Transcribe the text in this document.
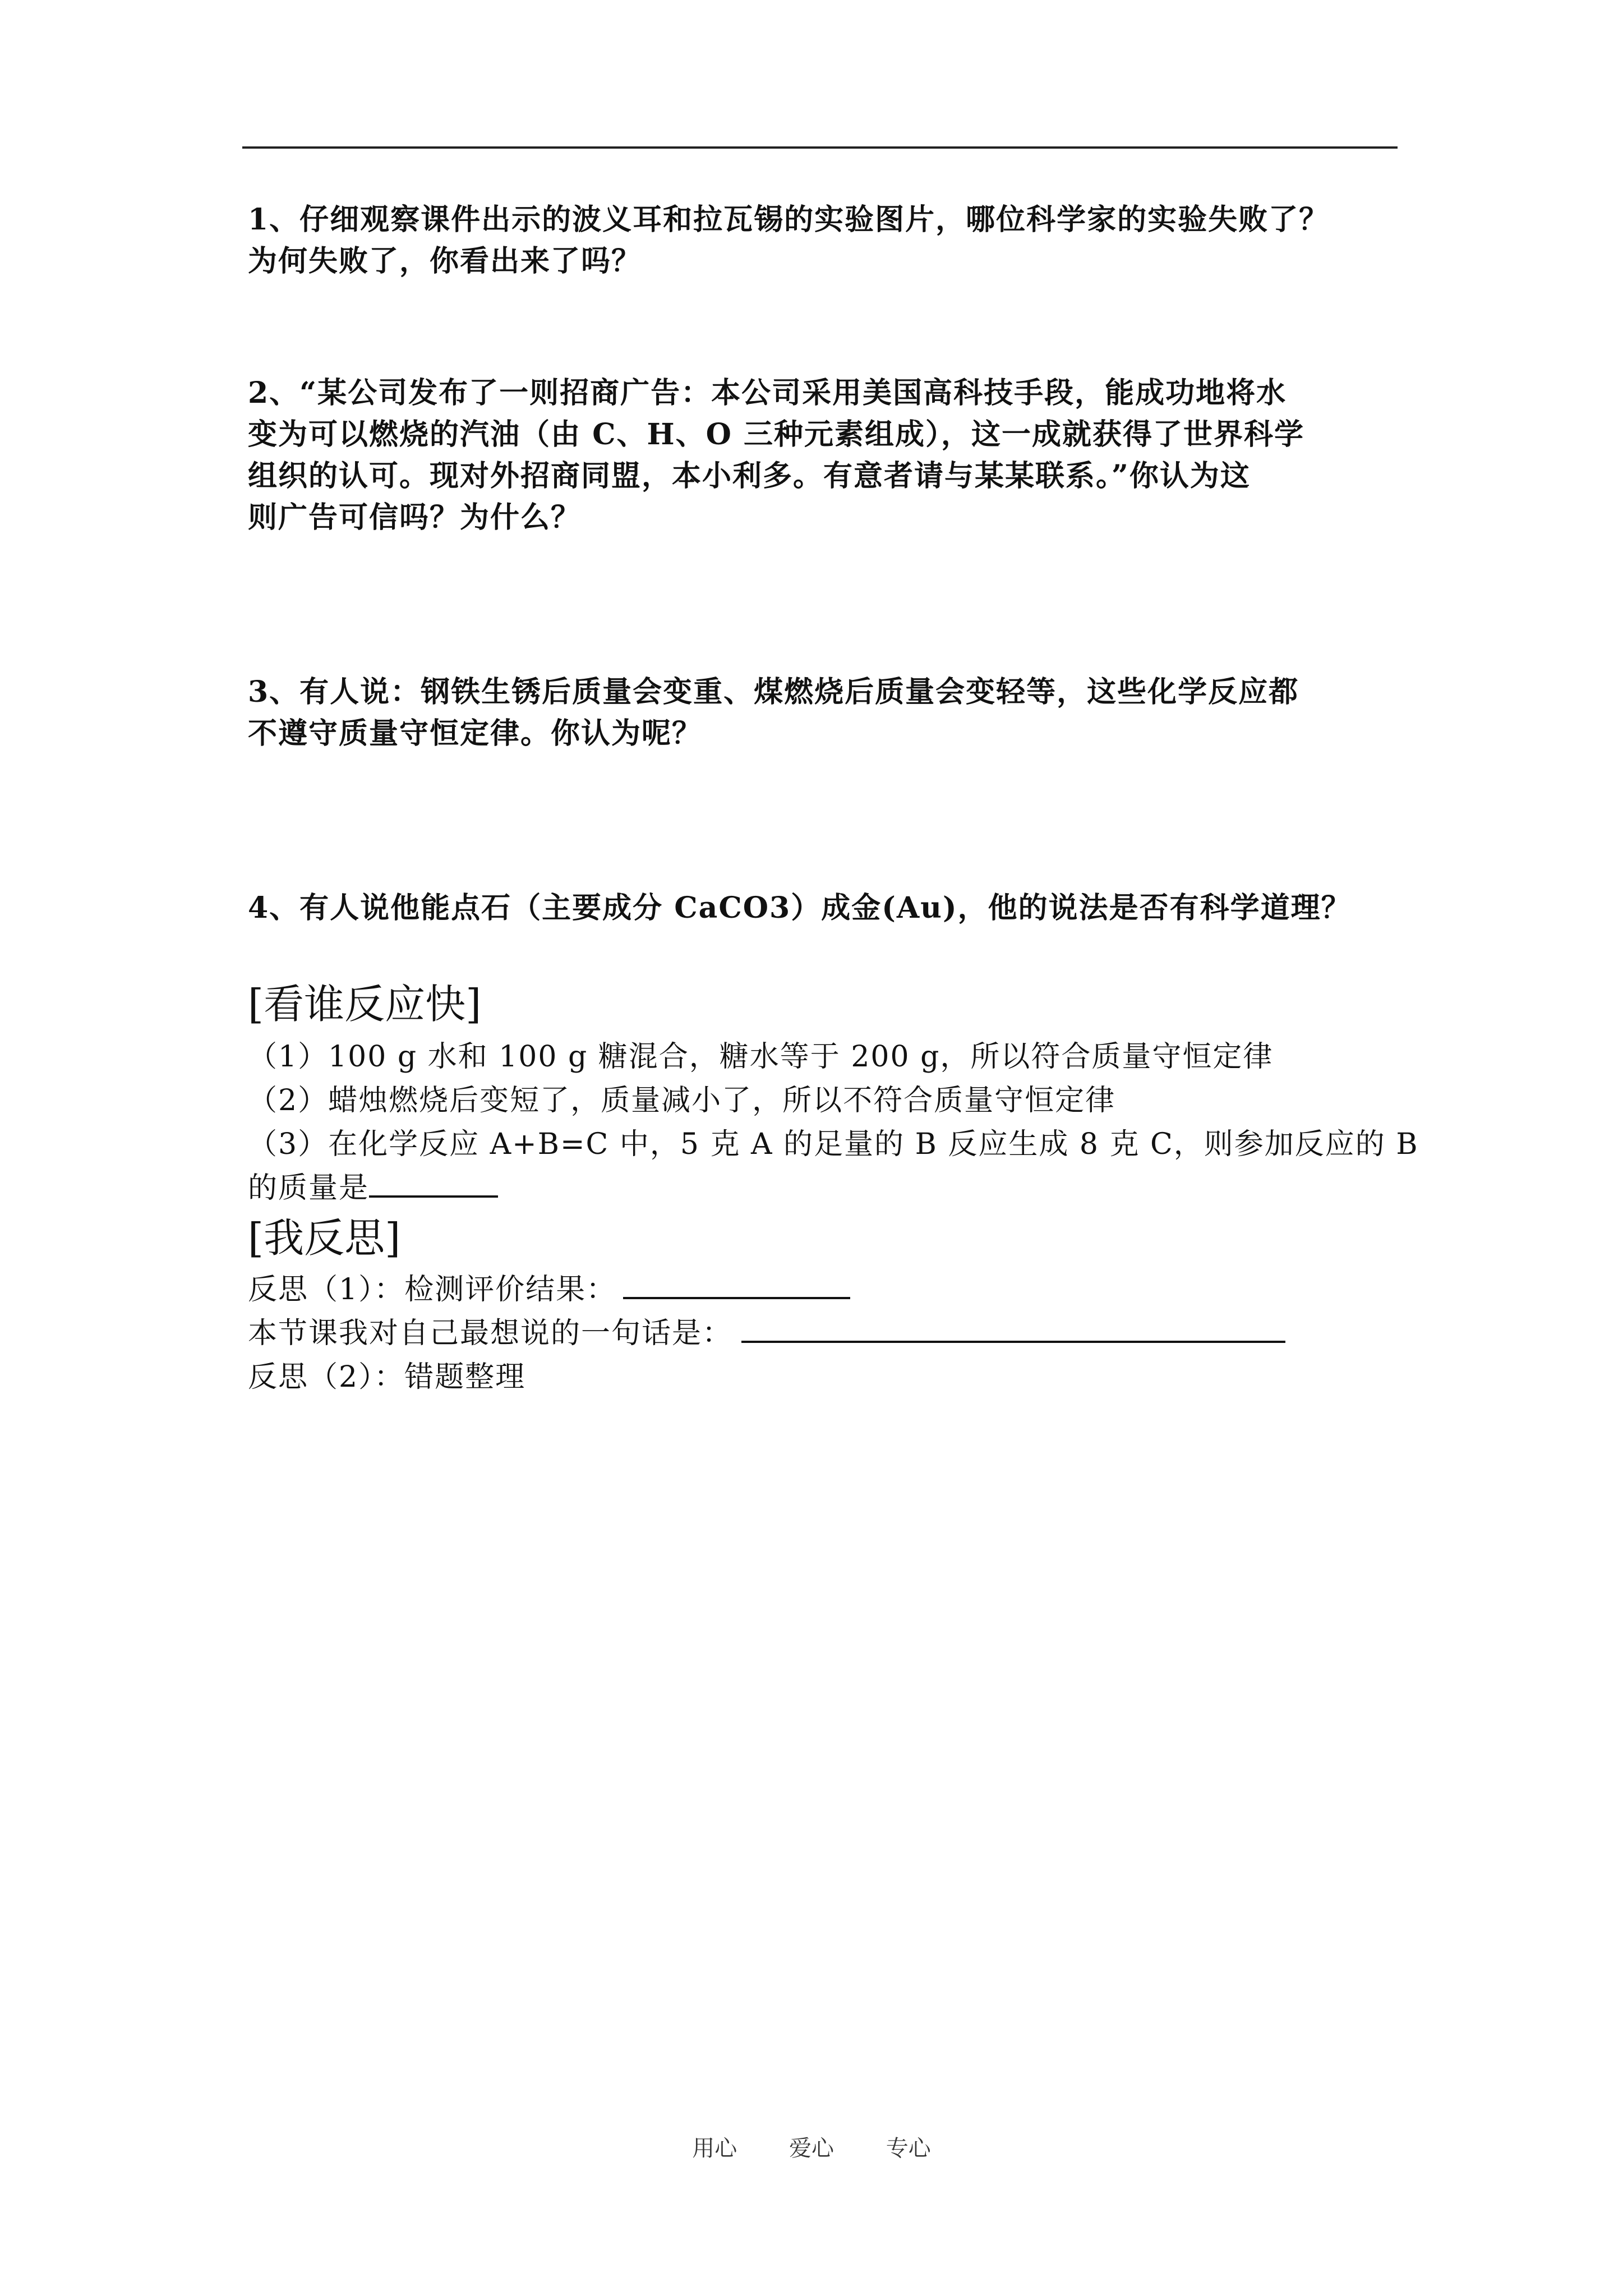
1、仔细观察课件出示的波义耳和拉瓦锡的实验图片，哪位科学家的实验失败了？
为何失败了，你看出来了吗？
2、“某公司发布了一则招商广告：本公司采用美国高科技手段，能成功地将水
变为可以燃烧的汽油（由 C、H、O 三种元素组成），这一成就获得了世界科学
组织的认可。现对外招商同盟，本小利多。有意者请与某某联系。”你认为这
则广告可信吗？为什么？
3、有人说：钢铁生锈后质量会变重、煤燃烧后质量会变轻等，这些化学反应都
不遵守质量守恒定律。你认为呢？
4、有人说他能点石（主要成分 CaCO3）成金(Au)，他的说法是否有科学道理？
[看谁反应快]
（1）100 g 水和 100 g 糖混合，糖水等于 200 g，所以符合质量守恒定律
（2）蜡烛燃烧后变短了，质量减小了，所以不符合质量守恒定律
（3）在化学反应 A+B=C 中，5 克 A 的足量的 B 反应生成 8 克 C，则参加反应的 B
的质量是
[我反思]
反思（1）：检测评价结果：
本节课我对自己最想说的一句话是：
反思（2）：错题整理
用心 爱心 专心
